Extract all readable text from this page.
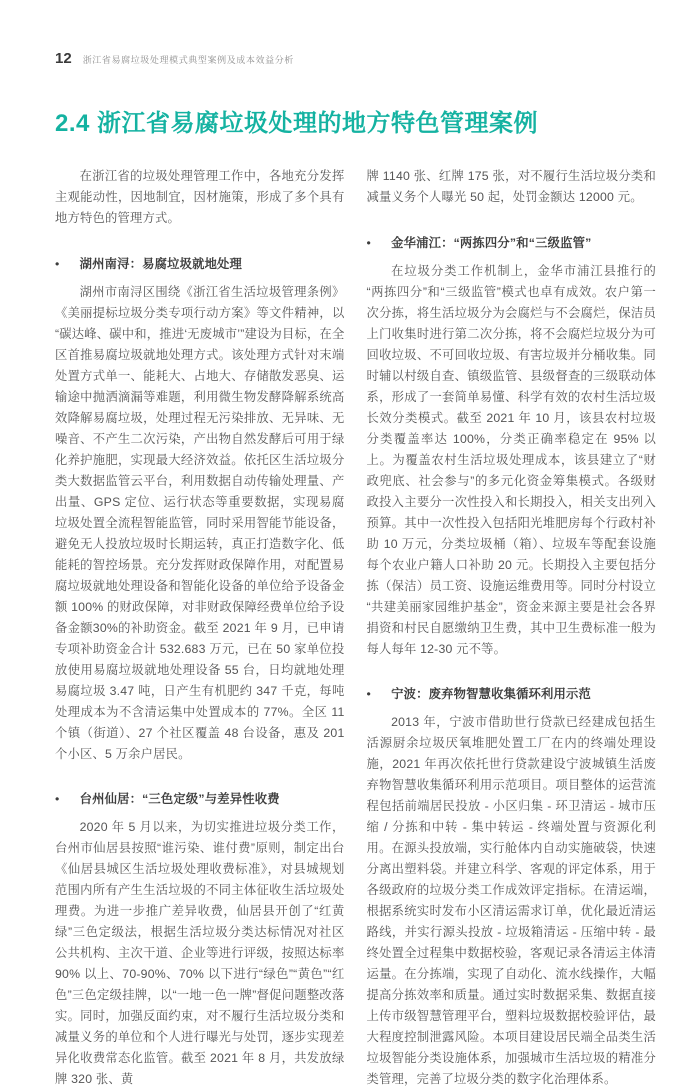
12 浙江省易腐垃圾处理模式典型案例及成本效益分析
2.4 浙江省易腐垃圾处理的地方特色管理案例

在浙江省的垃圾处理管理工作中，各地充分发挥主观能动性，因地制宜，因材施策，形成了多个具有地方特色的管理方式。

•	湖州南浔：易腐垃圾就地处理

湖州市南浔区围绕《浙江省生活垃圾管理条例》《美丽提标垃圾分类专项行动方案》等文件精神，以“碳达峰、碳中和，推进‘无废城市’”建设为目标，在全区首推易腐垃圾就地处理方式。该处理方式针对末端处置方式单一、能耗大、占地大、存储散发恶臭、运输途中抛洒滴漏等难题，利用微生物发酵降解系统高效降解易腐垃圾，处理过程无污染排放、无异味、无噪音、不产生二次污染，产出物自然发酵后可用于绿化养护施肥，实现最大经济效益。依托区生活垃圾分类大数据监管云平台，利用数据自动传输处理量、产出量、GPS 定位、运行状态等重要数据，实现易腐垃圾处置全流程智能监管，同时采用智能节能设备，避免无人投放垃圾时长期运转，真正打造数字化、低能耗的智控场景。充分发挥财政保障作用，对配置易腐垃圾就地处理设备和智能化设备的单位给予设备金额 100% 的财政保障，对非财政保障经费单位给予设备金额30%的补助资金。截至 2021 年 9 月，已申请专项补助资金合计 532.683 万元，已在 50 家单位投放使用易腐垃圾就地处理设备 55 台，日均就地处理易腐垃圾 3.47 吨，日产生有机肥约 347 千克，每吨处理成本为不含清运集中处置成本的 77%。全区 11 个镇（街道）、27 个社区覆盖 48 台设备，惠及 201 个小区、5 万余户居民。

•	台州仙居：“三色定级”与差异性收费

2020 年 5 月以来，为切实推进垃圾分类工作，台州市仙居县按照“谁污染、谁付费”原则，制定出台《仙居县城区生活垃圾处理收费标准》，对县城规划范围内所有产生生活垃圾的不同主体征收生活垃圾处理费。为进一步推广差异收费，仙居县开创了“红黄绿”三色定级法，根据生活垃圾分类达标情况对社区公共机构、主次干道、企业等进行评级，按照达标率 90% 以上、70-90%、70% 以下进行“绿色”“黄色”“红色”三色定级挂牌，以“一地一色一牌”督促问题整改落实。同时，加强反面约束，对不履行生活垃圾分类和减量义务的单位和个人进行曝光与处罚，逐步实现差异化收费常态化监管。截至 2021 年 8 月，共发放绿牌 320 张、黄

牌 1140 张、红牌 175 张，对不履行生活垃圾分类和减量义务个人曝光 50 起，处罚金额达 12000 元。

•	金华浦江：“两拣四分”和“三级监管”

在垃圾分类工作机制上，金华市浦江县推行的“两拣四分”和“三级监管”模式也卓有成效。农户第一次分拣，将生活垃圾分为会腐烂与不会腐烂，保洁员上门收集时进行第二次分拣，将不会腐烂垃圾分为可回收垃圾、不可回收垃圾、有害垃圾并分桶收集。同时辅以村级自查、镇级监管、县级督查的三级联动体系，形成了一套简单易懂、科学有效的农村生活垃圾长效分类模式。截至 2021 年 10 月，该县农村垃圾分类覆盖率达 100%，分类正确率稳定在 95% 以上。为覆盖农村生活垃圾处理成本，该县建立了“财政兜底、社会参与”的多元化资金筹集模式。各级财政投入主要分一次性投入和长期投入，相关支出列入预算。其中一次性投入包括阳光堆肥房每个行政村补助 10 万元，分类垃圾桶（箱）、垃圾车等配套设施每个农业户籍人口补助 20 元。长期投入主要包括分拣（保洁）员工资、设施运维费用等。同时分村设立“共建美丽家园维护基金”，资金来源主要是社会各界捐资和村民自愿缴纳卫生费，其中卫生费标准一般为每人每年 12-30 元不等。

•	宁波：废弃物智慧收集循环利用示范

2013 年，宁波市借助世行贷款已经建成包括生活源厨余垃圾厌氧堆肥处置工厂在内的终端处理设施，2021 年再次依托世行贷款建设宁波城镇生活废弃物智慧收集循环利用示范项目。项目整体的运营流程包括前端居民投放 - 小区归集 - 环卫清运 - 城市压缩 / 分拣和中转 - 集中转运 - 终端处置与资源化利用。在源头投放端，实行舱体内自动实施破袋，快速分离出塑料袋。并建立科学、客观的评定体系，用于各级政府的垃圾分类工作成效评定指标。在清运端，根据系统实时发布小区清运需求订单，优化最近清运路线，并实行源头投放 - 垃圾箱清运 - 压缩中转 - 最终处置全过程集中数据校验，客观记录各清运主体清运量。在分拣端，实现了自动化、流水线操作，大幅提高分拣效率和质量。通过实时数据采集、数据直接上传市级智慧管理平台，塑料垃圾数据校验评估，最大程度控制泄露风险。本项目建设居民端全品类生活垃圾智能分类设施体系，加强城市生活垃圾的精准分类管理，完善了垃圾分类的数字化治理体系。
